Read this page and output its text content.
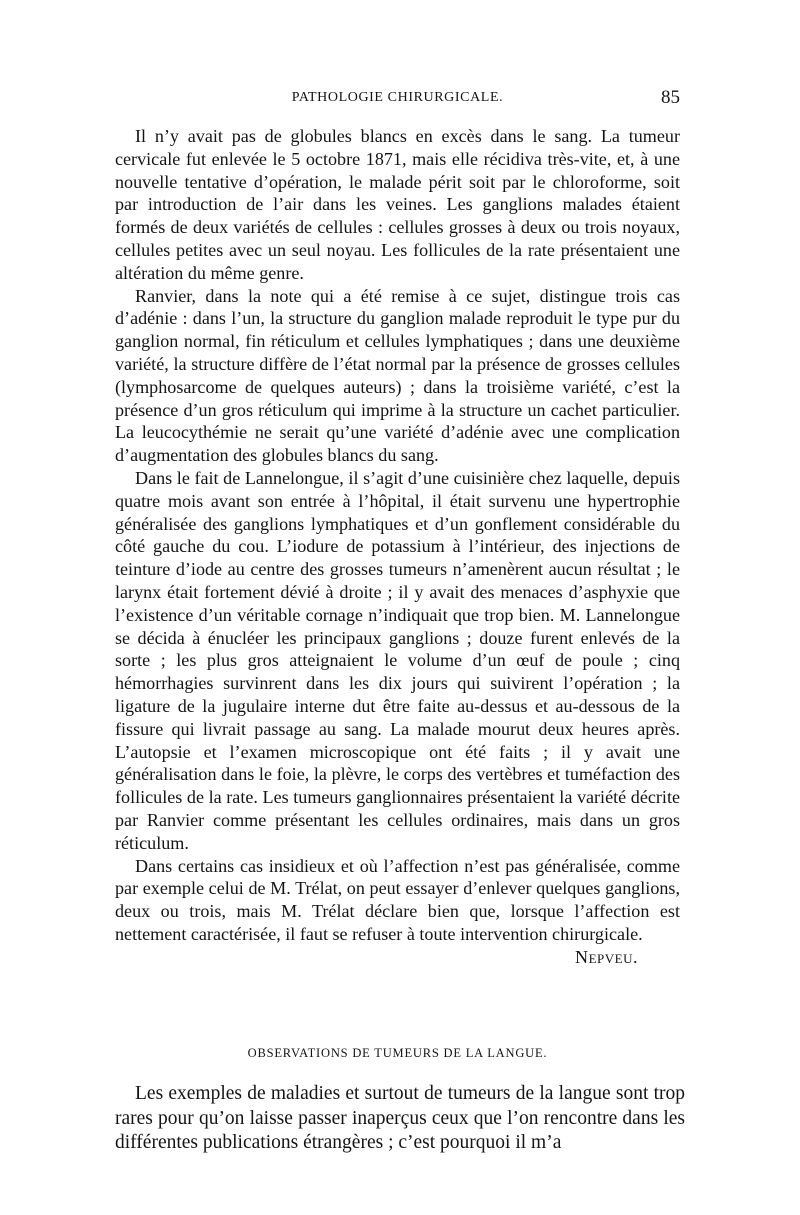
PATHOLOGIE CHIRURGICALE.	85

Il n’y avait pas de globules blancs en excès dans le sang. La tumeur cervicale fut enlevée le 5 octobre 1871, mais elle récidiva très-vite, et, à une nouvelle tentative d’opération, le malade périt soit par le chloroforme, soit par introduction de l’air dans les veines. Les ganglions malades étaient formés de deux variétés de cellules : cellules grosses à deux ou trois noyaux, cellules petites avec un seul noyau. Les follicules de la rate présentaient une altération du même genre.

Ranvier, dans la note qui a été remise à ce sujet, distingue trois cas d’adénie : dans l’un, la structure du ganglion malade reproduit le type pur du ganglion normal, fin réticulum et cellules lymphatiques ; dans une deuxième variété, la structure diffère de l’état normal par la présence de grosses cellules (lymphosarcome de quelques auteurs) ; dans la troisième variété, c’est la présence d’un gros réticulum qui imprime à la structure un cachet particulier. La leucocythémie ne serait qu’une variété d’adénie avec une complication d’augmentation des globules blancs du sang.

Dans le fait de Lannelongue, il s’agit d’une cuisinière chez laquelle, depuis quatre mois avant son entrée à l’hôpital, il était survenu une hypertrophie généralisée des ganglions lymphatiques et d’un gonflement considérable du côté gauche du cou. L’iodure de potassium à l’intérieur, des injections de teinture d’iode au centre des grosses tumeurs n’amenèrent aucun résultat ; le larynx était fortement dévié à droite ; il y avait des menaces d’asphyxie que l’existence d’un véritable cornage n’indiquait que trop bien. M. Lannelongue se décida à énucléer les principaux ganglions ; douze furent enlevés de la sorte ; les plus gros atteignaient le volume d’un œuf de poule ; cinq hémorrhagies survinrent dans les dix jours qui suivirent l’opération ; la ligature de la jugulaire interne dut être faite au-dessus et au-dessous de la fissure qui livrait passage au sang. La malade mourut deux heures après. L’autopsie et l’examen microscopique ont été faits ; il y avait une généralisation dans le foie, la plèvre, le corps des vertèbres et tuméfaction des follicules de la rate. Les tumeurs ganglionnaires présentaient la variété décrite par Ranvier comme présentant les cellules ordinaires, mais dans un gros réticulum.

Dans certains cas insidieux et où l’affection n’est pas généralisée, comme par exemple celui de M. Trélat, on peut essayer d’enlever quelques ganglions, deux ou trois, mais M. Trélat déclare bien que, lorsque l’affection est nettement caractérisée, il faut se refuser à toute intervention chirurgicale.
Nepveu.

OBSERVATIONS DE TUMEURS DE LA LANGUE.

Les exemples de maladies et surtout de tumeurs de la langue sont trop rares pour qu’on laisse passer inaperçus ceux que l’on rencontre dans les différentes publications étrangères ; c’est pourquoi il m’a
